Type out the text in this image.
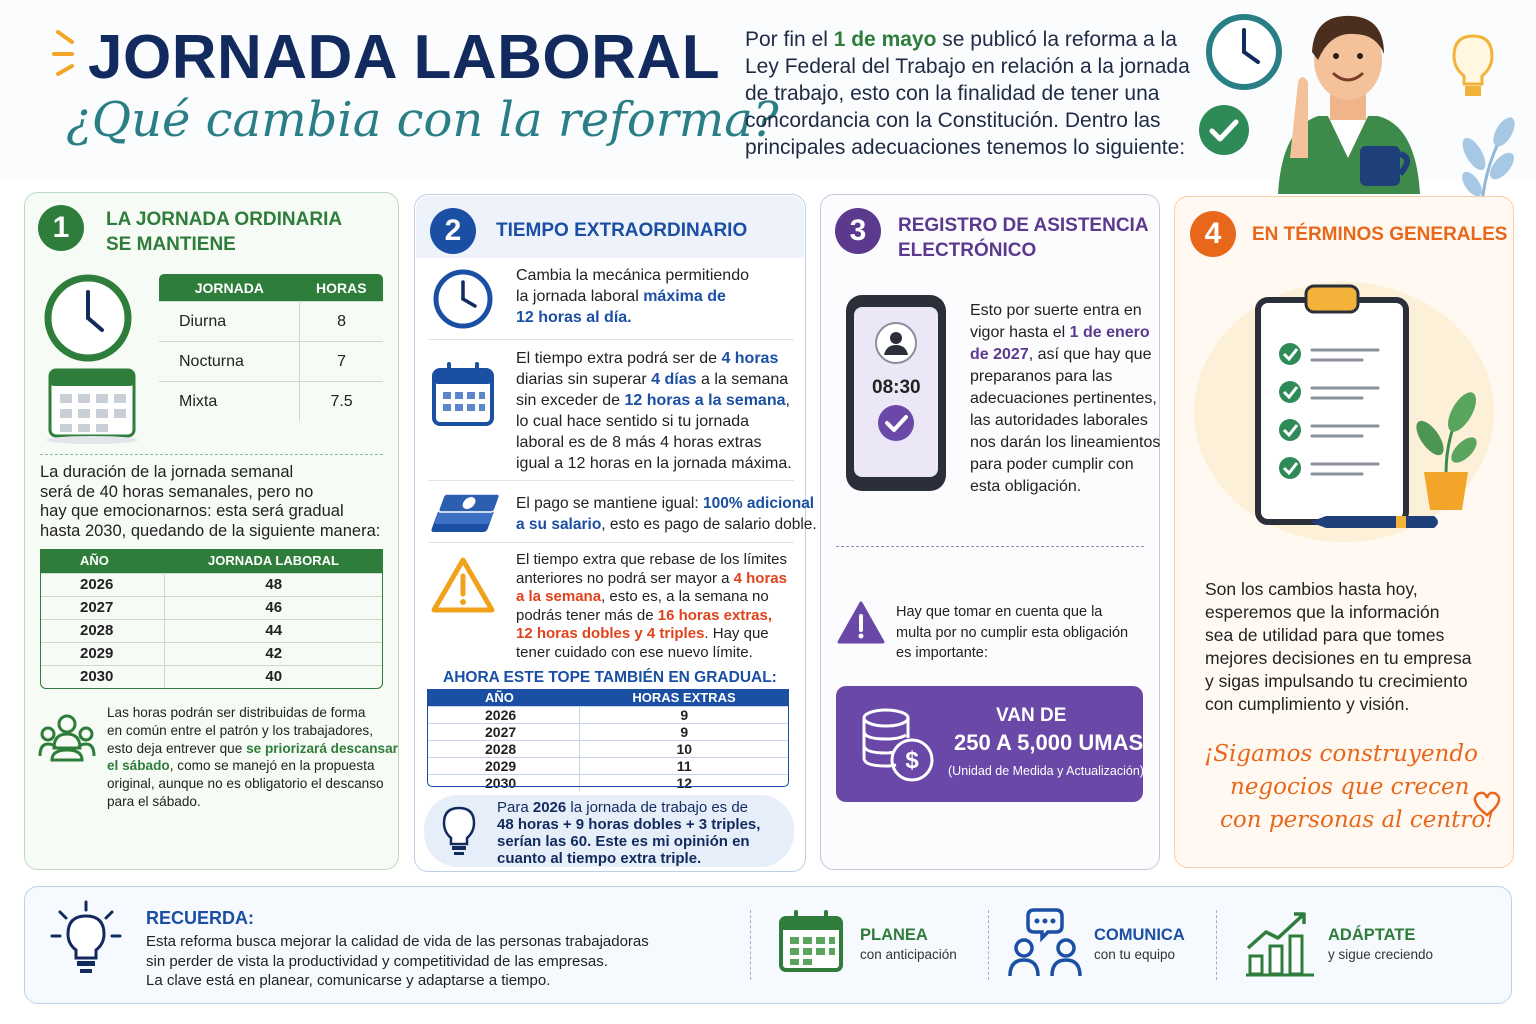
JORNADA LABORAL
¿Qué cambia con la reforma?
Por fin el 1 de mayo se publicó la reforma a la
Ley Federal del Trabajo en relación a la jornada
de trabajo, esto con la finalidad de tener una
concordancia con la Constitución. Dentro las
principales adecuaciones tenemos lo siguiente:
1	LA JORNADA ORDINARIA
SE MANTIENE
JORNADA	HORAS
Diurna	8
Nocturna	7
Mixta	7.5
La duración de la jornada semanal
será de 40 horas semanales, pero no
hay que emocionarnos: esta será gradual
hasta 2030, quedando de la siguiente manera:
AÑO	JORNADA LABORAL
2026	48
2027	46
2028	44
2029	42
2030	40
Las horas podrán ser distribuidas de forma
en común entre el patrón y los trabajadores,
esto deja entrever que se priorizará descansar
el sábado, como se manejó en la propuesta
original, aunque no es obligatorio el descanso
para el sábado.
2	TIEMPO EXTRAORDINARIO
Cambia la mecánica permitiendo
la jornada laboral máxima de
12 horas al día.
El tiempo extra podrá ser de 4 horas
diarias sin superar 4 días a la semana
sin exceder de 12 horas a la semana,
lo cual hace sentido si tu jornada
laboral es de 8 más 4 horas extras
igual a 12 horas en la jornada máxima.
El pago se mantiene igual: 100% adicional
a su salario, esto es pago de salario doble.
El tiempo extra que rebase de los límites
anteriores no podrá ser mayor a 4 horas
a la semana, esto es, a la semana no
podrás tener más de 16 horas extras,
12 horas dobles y 4 triples. Hay que
tener cuidado con ese nuevo límite.
AHORA ESTE TOPE TAMBIÉN EN GRADUAL:
AÑO	HORAS EXTRAS
2026	9
2027	9
2028	10
2029	11
2030	12
Para 2026 la jornada de trabajo es de
48 horas + 9 horas dobles + 3 triples,
serían las 60. Este es mi opinión en
cuanto al tiempo extra triple.
3	REGISTRO DE ASISTENCIA
ELECTRÓNICO
08:30
Esto por suerte entra en
vigor hasta el 1 de enero
de 2027, así que hay que
preparanos para las
adecuaciones pertinentes,
las autoridades laborales
nos darán los lineamientos
para poder cumplir con
esta obligación.
Hay que tomar en cuenta que la
multa por no cumplir esta obligación
es importante:
$
VAN DE
250 A 5,000 UMAS
(Unidad de Medida y Actualización)
4	EN TÉRMINOS GENERALES
Son los cambios hasta hoy,
esperemos que la información
sea de utilidad para que tomes
mejores decisiones en tu empresa
y sigas impulsando tu crecimiento
con cumplimiento y visión.
¡Sigamos construyendo
negocios que crecen
con personas al centro!
RECUERDA:
Esta reforma busca mejorar la calidad de vida de las personas trabajadoras
sin perder de vista la productividad y competitividad de las empresas.
La clave está en planear, comunicarse y adaptarse a tiempo.
PLANEA
con anticipación
COMUNICA
con tu equipo
ADÁPTATE
y sigue creciendo
